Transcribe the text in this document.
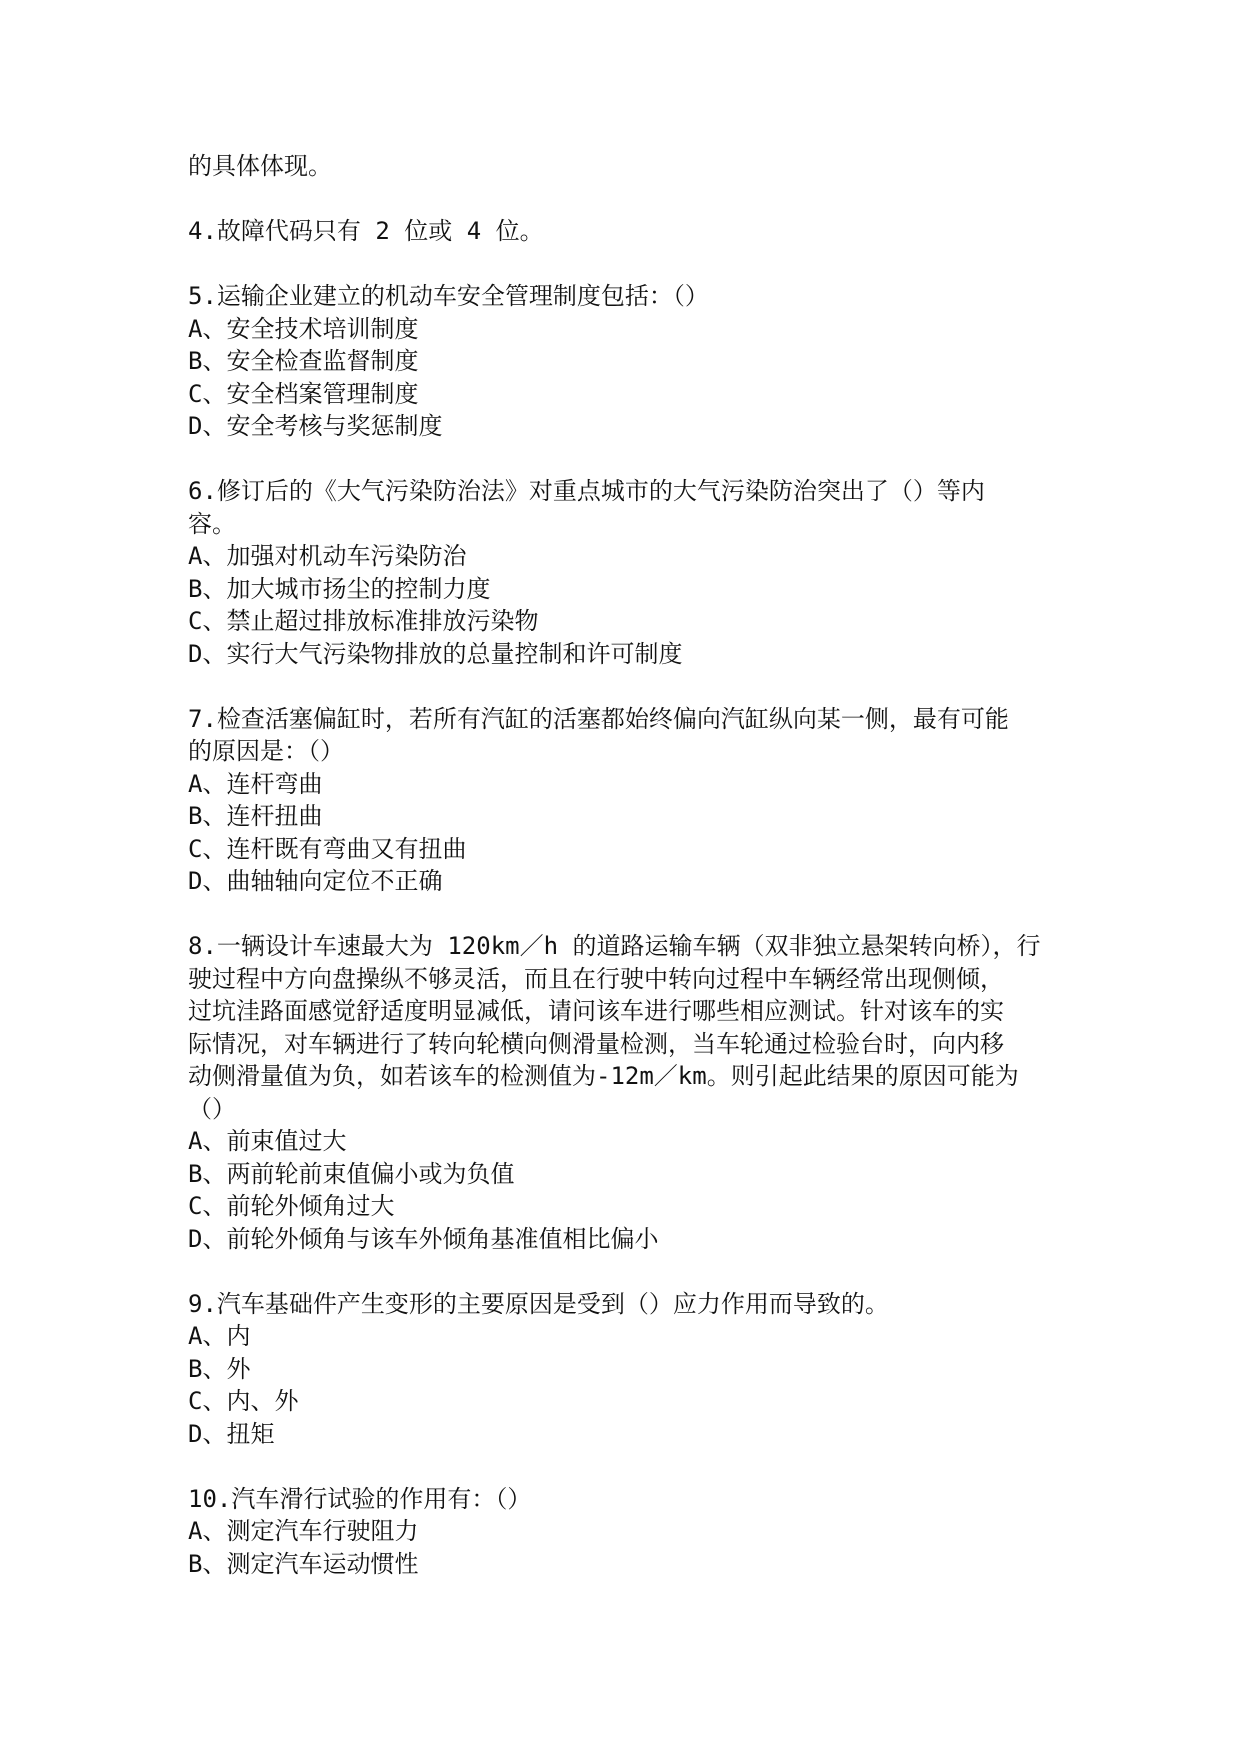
的具体体现。
4.故障代码只有 2 位或 4 位。
5.运输企业建立的机动车安全管理制度包括：（）
A、安全技术培训制度
B、安全检查监督制度
C、安全档案管理制度
D、安全考核与奖惩制度
6.修订后的《大气污染防治法》对重点城市的大气污染防治突出了（）等内
容。
A、加强对机动车污染防治
B、加大城市扬尘的控制力度
C、禁止超过排放标准排放污染物
D、实行大气污染物排放的总量控制和许可制度
7.检查活塞偏缸时，若所有汽缸的活塞都始终偏向汽缸纵向某一侧，最有可能
的原因是：（）
A、连杆弯曲
B、连杆扭曲
C、连杆既有弯曲又有扭曲
D、曲轴轴向定位不正确
8.一辆设计车速最大为 120km／h 的道路运输车辆（双非独立悬架转向桥），行
驶过程中方向盘操纵不够灵活，而且在行驶中转向过程中车辆经常出现侧倾，
过坑洼路面感觉舒适度明显减低，请问该车进行哪些相应测试。针对该车的实
际情况，对车辆进行了转向轮横向侧滑量检测，当车轮通过检验台时，向内移
动侧滑量值为负，如若该车的检测值为-12m／km。则引起此结果的原因可能为
（）
A、前束值过大
B、两前轮前束值偏小或为负值
C、前轮外倾角过大
D、前轮外倾角与该车外倾角基准值相比偏小
9.汽车基础件产生变形的主要原因是受到（）应力作用而导致的。
A、内
B、外
C、内、外
D、扭矩
10.汽车滑行试验的作用有：（）
A、测定汽车行驶阻力
B、测定汽车运动惯性
